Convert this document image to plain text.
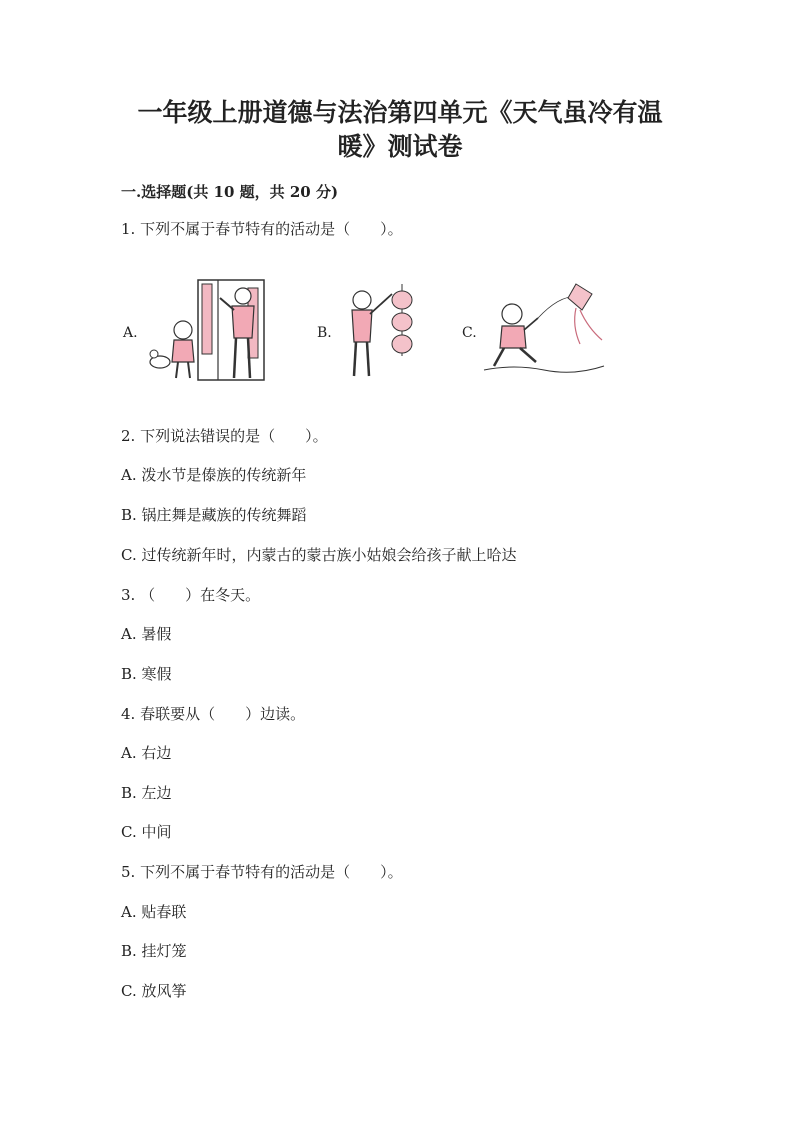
一年级上册道德与法治第四单元《天气虽冷有温
暖》测试卷
一.选择题(共 10 题，共 20 分)
1. 下列不属于春节特有的活动是（　　）。
A.	B.	C.
2. 下列说法错误的是（　　）。
A. 泼水节是傣族的传统新年
B. 锅庄舞是藏族的传统舞蹈
C. 过传统新年时，内蒙古的蒙古族小姑娘会给孩子献上哈达
3. （　　）在冬天。
A. 暑假
B. 寒假
4. 春联要从（　　）边读。
A. 右边
B. 左边
C. 中间
5. 下列不属于春节特有的活动是（　　）。
A. 贴春联
B. 挂灯笼
C. 放风筝
